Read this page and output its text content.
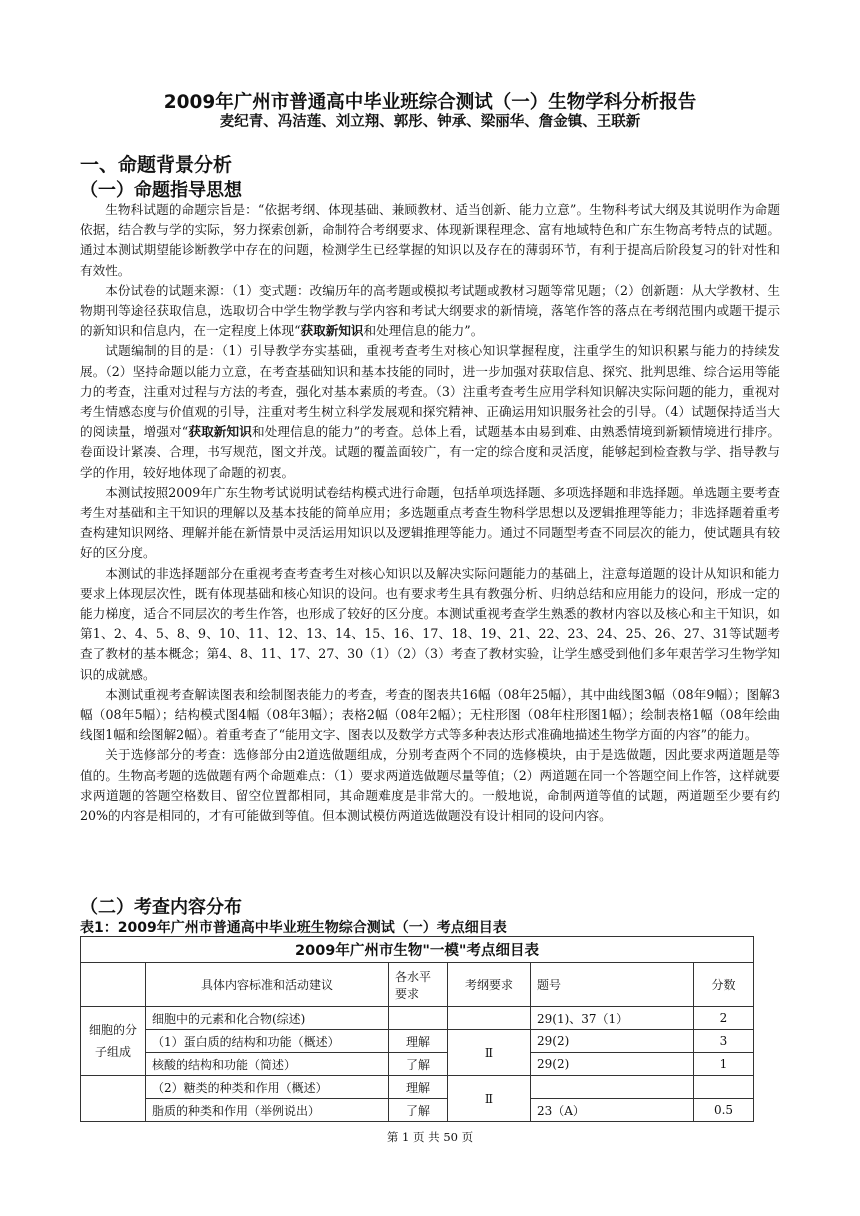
2009年广州市普通高中毕业班综合测试（一）生物学科分析报告
麦纪青、冯洁莲、刘立翔、郭彤、钟承、梁丽华、詹金镇、王联新
一、命题背景分析
（一）命题指导思想

生物科试题的命题宗旨是：“依据考纲、体现基础、兼顾教材、适当创新、能力立意”。生物科考试大纲及其说明作为命题依据，结合教与学的实际，努力探索创新，命制符合考纲要求、体现新课程理念、富有地域特色和广东生物高考特点的试题。通过本测试期望能诊断教学中存在的问题，检测学生已经掌握的知识以及存在的薄弱环节，有利于提高后阶段复习的针对性和有效性。

本份试卷的试题来源：（1）变式题：改编历年的高考题或模拟考试题或教材习题等常见题；（2）创新题：从大学教材、生物期刊等途径获取信息，选取切合中学生物学教与学内容和考试大纲要求的新情境，落笔作答的落点在考纲范围内或题干提示的新知识和信息内，在一定程度上体现“获取新知识和处理信息的能力”。

试题编制的目的是：（1）引导教学夯实基础，重视考查考生对核心知识掌握程度，注重学生的知识积累与能力的持续发展。（2）坚持命题以能力立意，在考查基础知识和基本技能的同时，进一步加强对获取信息、探究、批判思维、综合运用等能力的考查，注重对过程与方法的考查，强化对基本素质的考查。（3）注重考查考生应用学科知识解决实际问题的能力，重视对考生情感态度与价值观的引导，注重对考生树立科学发展观和探究精神、正确运用知识服务社会的引导。（4）试题保持适当大的阅读量，增强对“获取新知识和处理信息的能力”的考查。总体上看，试题基本由易到难、由熟悉情境到新颖情境进行排序。卷面设计紧凑、合理，书写规范，图文并茂。试题的覆盖面较广，有一定的综合度和灵活度，能够起到检查教与学、指导教与学的作用，较好地体现了命题的初衷。

本测试按照2009年广东生物考试说明试卷结构模式进行命题，包括单项选择题、多项选择题和非选择题。单选题主要考查考生对基础和主干知识的理解以及基本技能的简单应用；多选题重点考查生物科学思想以及逻辑推理等能力；非选择题着重考查构建知识网络、理解并能在新情景中灵活运用知识以及逻辑推理等能力。通过不同题型考查不同层次的能力，使试题具有较好的区分度。

本测试的非选择题部分在重视考查考查考生对核心知识以及解决实际问题能力的基础上，注意每道题的设计从知识和能力要求上体现层次性，既有体现基础和核心知识的设问。也有要求考生具有教强分析、归纳总结和应用能力的设问，形成一定的能力梯度，适合不同层次的考生作答，也形成了较好的区分度。本测试重视考查学生熟悉的教材内容以及核心和主干知识，如第1、2、4、5、8、9、10、11、12、13、14、15、16、17、18、19、21、22、23、24、25、26、27、31等试题考查了教材的基本概念；第4、8、11、17、27、30（1）（2）（3）考查了教材实验，让学生感受到他们多年艰苦学习生物学知识的成就感。

本测试重视考查解读图表和绘制图表能力的考查，考查的图表共16幅（08年25幅），其中曲线图3幅（08年9幅）；图解3幅（08年5幅）；结构模式图4幅（08年3幅）；表格2幅（08年2幅）；无柱形图（08年柱形图1幅）；绘制表格1幅（08年绘曲线图1幅和绘图解2幅）。着重考查了“能用文字、图表以及数学方式等多种表达形式准确地描述生物学方面的内容”的能力。

关于选修部分的考查：选修部分由2道选做题组成，分别考查两个不同的选修模块，由于是选做题，因此要求两道题是等值的。生物高考题的选做题有两个命题难点：（1）要求两道选做题尽量等值；（2）两道题在同一个答题空间上作答，这样就要求两道题的答题空格数目、留空位置都相同，其命题难度是非常大的。一般地说，命制两道等值的试题，两道题至少要有约20%的内容是相同的，才有可能做到等值。但本测试模仿两道选做题没有设计相同的设问内容。

（二）考查内容分布
表1：2009年广州市普通高中毕业班生物综合测试（一）考点细目表
2009年广州市生物"一模"考点细目表					
	具体内容标准和活动建议	各水平要求	考纲要求	题号	分数
细胞的分子组成	细胞中的元素和化合物(综述)			29(1)、37（1）	2
	（1）蛋白质的结构和功能（概述）	理解	Ⅱ	29(2)	3
	核酸的结构和功能（简述）	了解		29(2)	1
	（2）糖类的种类和作用（概述）	理解	Ⅱ		
	脂质的种类和作用（举例说出）	了解		23（A）	0.5
第 1 页 共 50 页
